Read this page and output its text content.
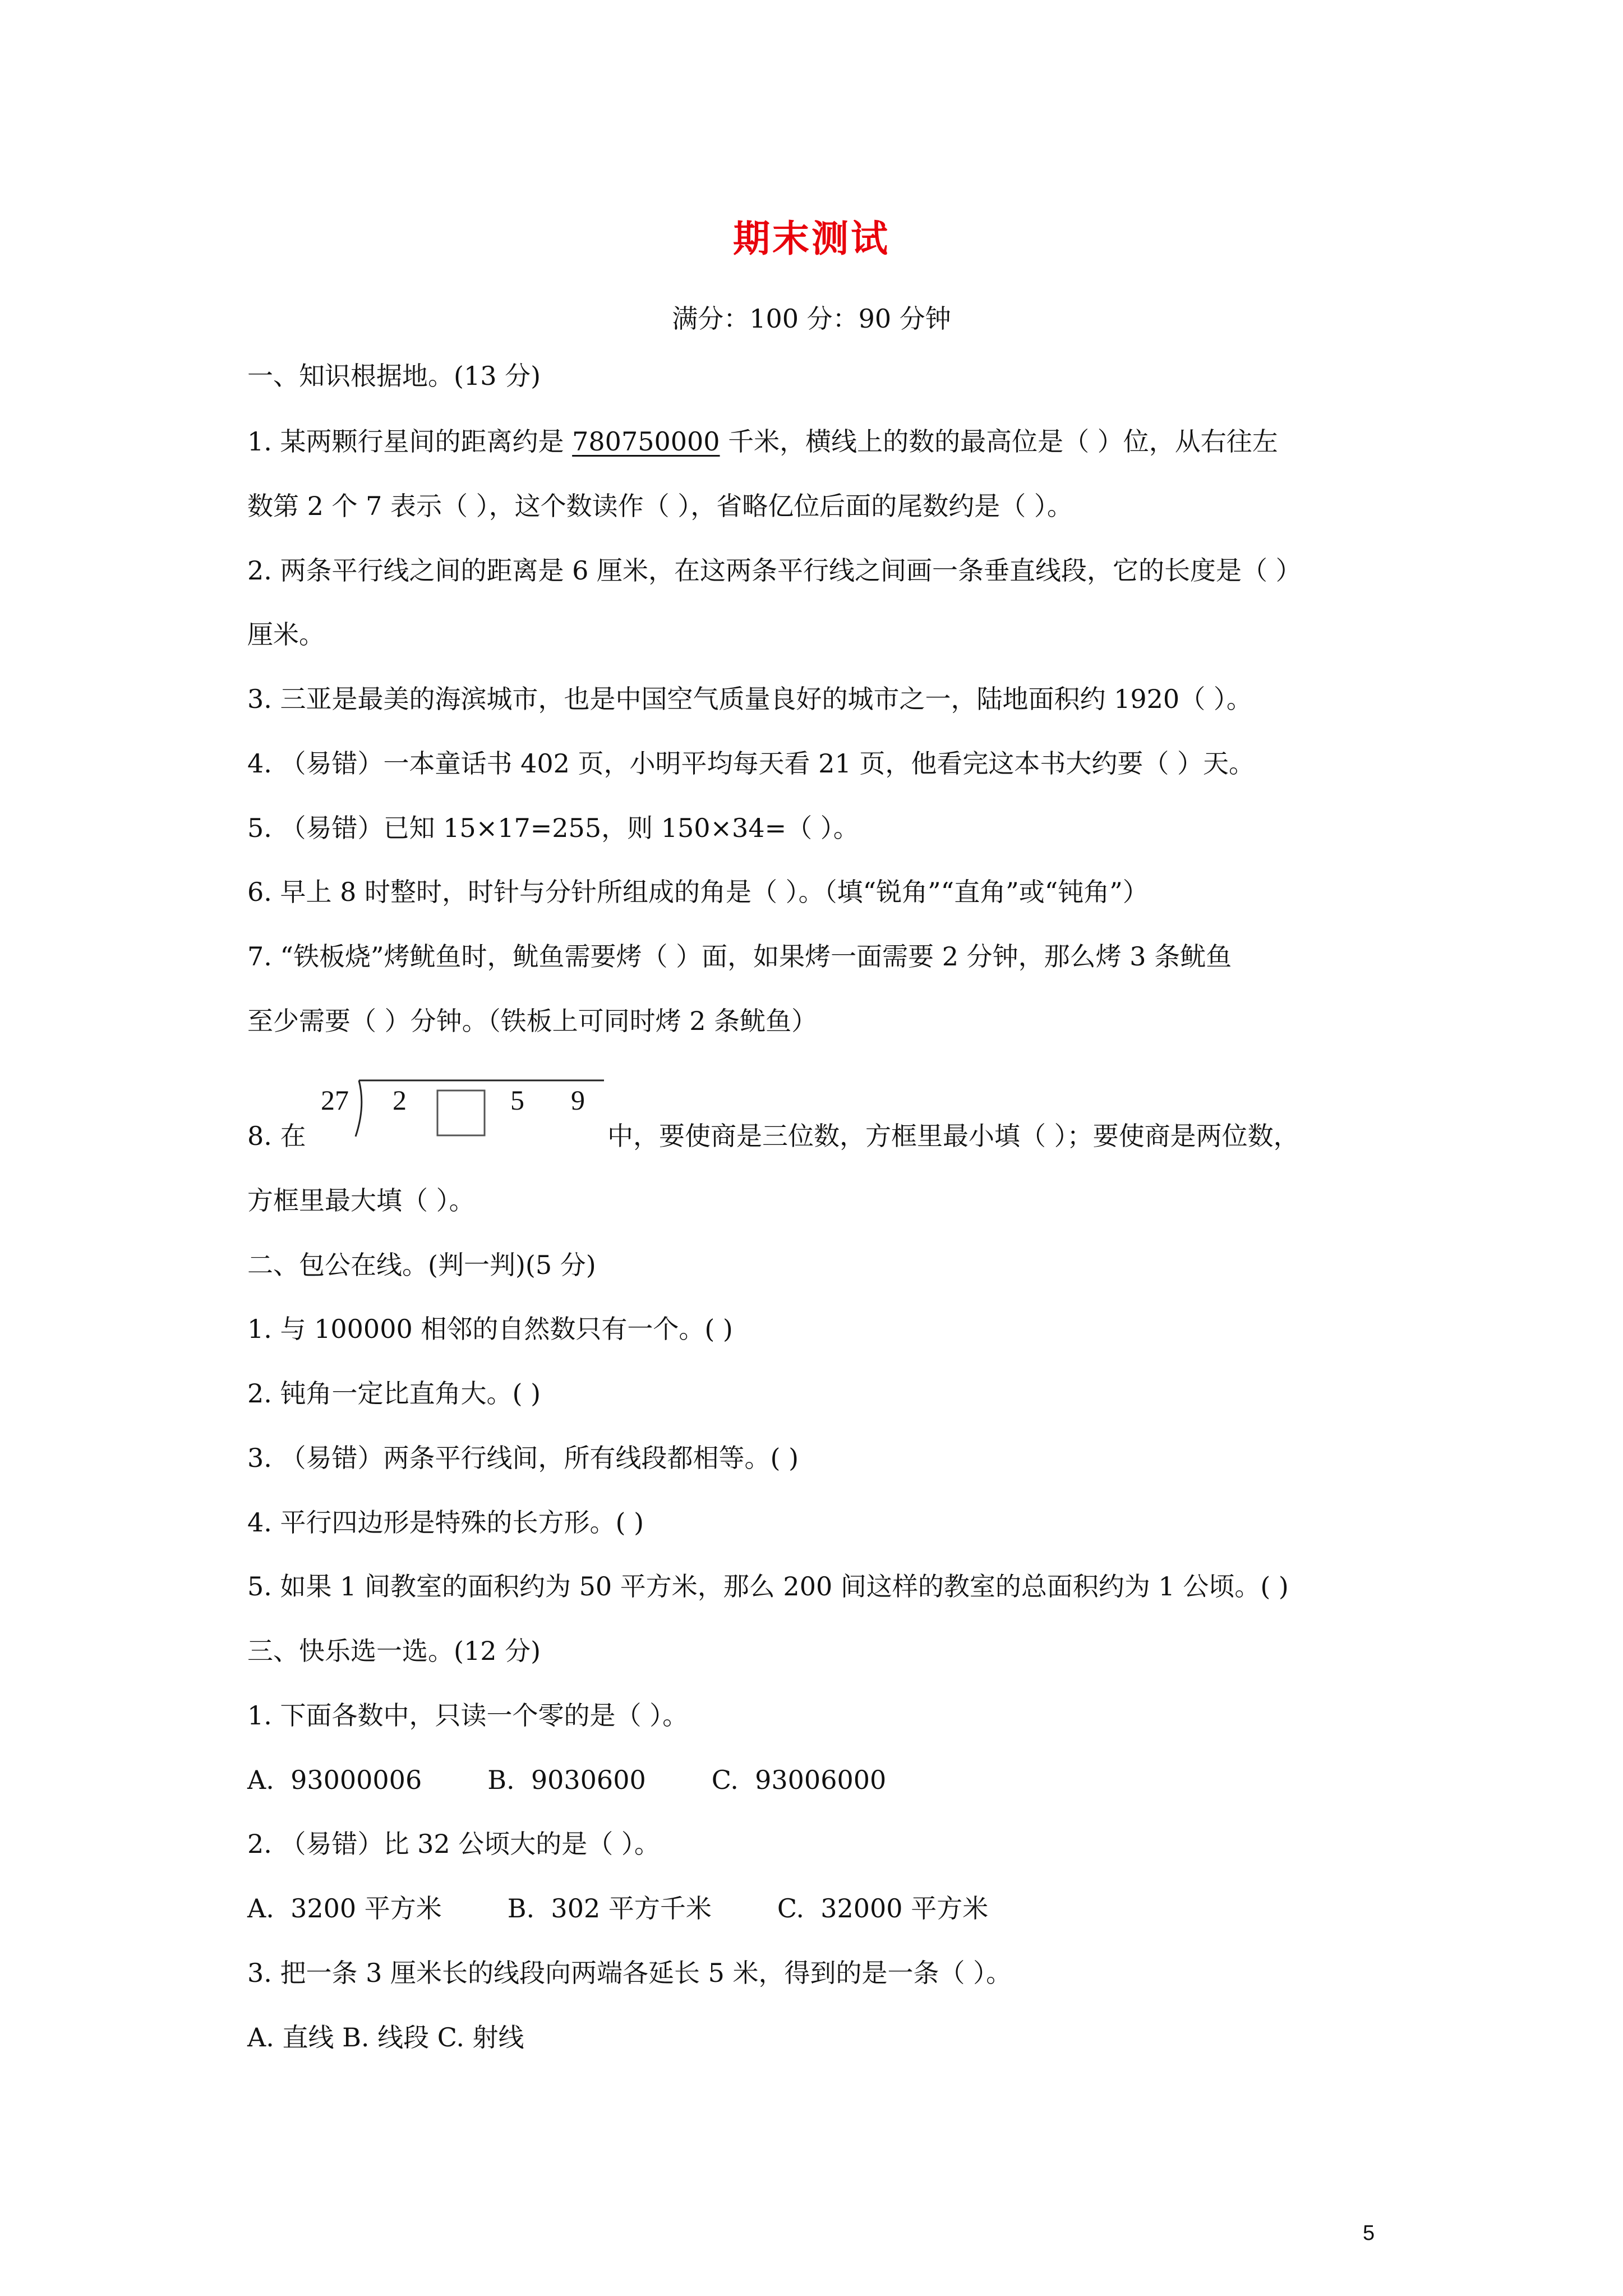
期末测试
满分：100 分：90 分钟
一、知识根据地。(13 分)
1. 某两颗行星间的距离约是 780750000 千米，横线上的数的最高位是（ ）位，从右往左
数第 2 个 7 表示（ ），这个数读作（ ），省略亿位后面的尾数约是（ ）。
2. 两条平行线之间的距离是 6 厘米，在这两条平行线之间画一条垂直线段，它的长度是（ ）
厘米。
3. 三亚是最美的海滨城市，也是中国空气质量良好的城市之一，陆地面积约 1920（ ）。
4. （易错）一本童话书 402 页，小明平均每天看 21 页，他看完这本书大约要（ ）天。
5. （易错）已知 15×17=255，则 150×34=（ ）。
6. 早上 8 时整时，时针与分针所组成的角是（ ）。（填“锐角”“直角”或“钝角”）
7. “铁板烧”烤鱿鱼时，鱿鱼需要烤（ ）面，如果烤一面需要 2 分钟，那么烤 3 条鱿鱼
至少需要（ ）分钟。（铁板上可同时烤 2 条鱿鱼）
8. 在
27 2	5 9
中，要使商是三位数，方框里最小填（ ）；要使商是两位数，
方框里最大填（ ）。
二、包公在线。(判一判)(5 分)
1. 与 100000 相邻的自然数只有一个。( )
2. 钝角一定比直角大。( )
3. （易错）两条平行线间，所有线段都相等。( )
4. 平行四边形是特殊的长方形。( )
5. 如果 1 间教室的面积约为 50 平方米，那么 200 间这样的教室的总面积约为 1 公顷。( )
三、快乐选一选。(12 分)
1. 下面各数中，只读一个零的是（ ）。
A.  93000006        B.  9030600        C.  93006000
2. （易错）比 32 公顷大的是（ ）。
A.  3200 平方米        B.  302 平方千米        C.  32000 平方米
3. 把一条 3 厘米长的线段向两端各延长 5 米，得到的是一条（ ）。
A. 直线 B. 线段 C. 射线
5
